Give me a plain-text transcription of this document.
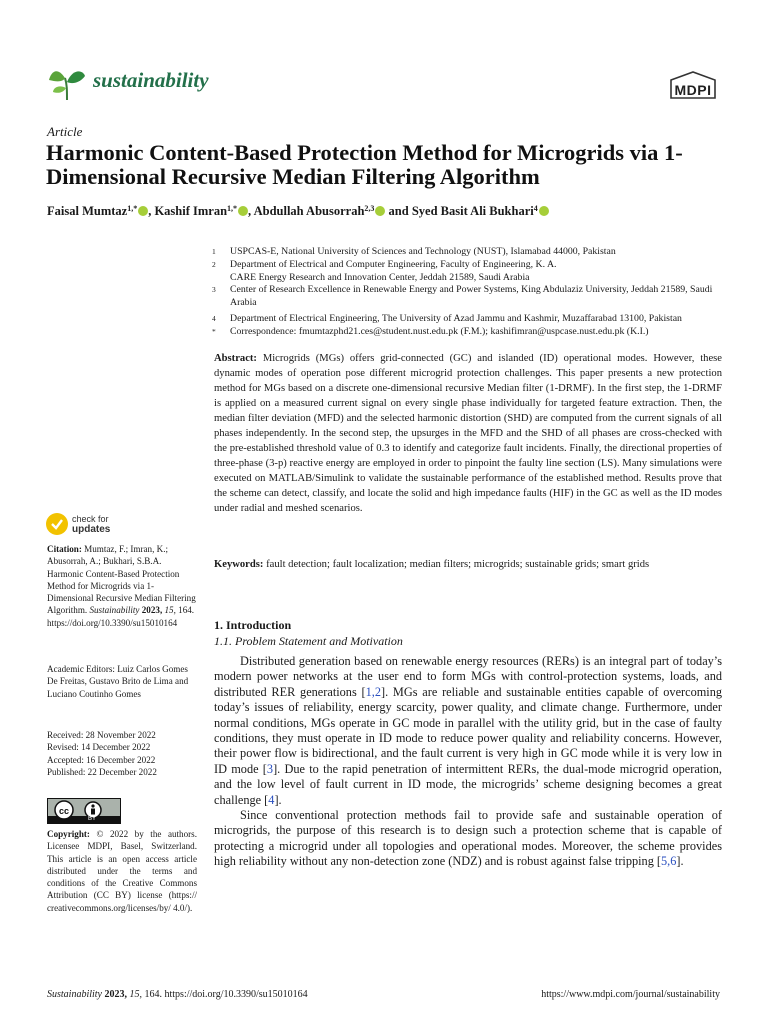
sustainability	MDPI
Article
Harmonic Content-Based Protection Method for Microgrids via 1-Dimensional Recursive Median Filtering Algorithm
Faisal Mumtaz$^{1,*}$ , Kashif Imran$^{1,*}$ , Abdullah Abusorrah$^{2,3}$ and Syed Basit Ali Bukhari$^4$
1	USPCAS-E, National University of Sciences and Technology (NUST), Islamabad 44000, Pakistan
2	Department of Electrical and Computer Engineering, Faculty of Engineering, K. A. CARE Energy Research and Innovation Center, Jeddah 21589, Saudi Arabia
3	Center of Research Excellence in Renewable Energy and Power Systems, King Abdulaziz University, Jeddah 21589, Saudi Arabia
4	Department of Electrical Engineering, The University of Azad Jammu and Kashmir, Muzaffarabad 13100, Pakistan
*	Correspondence: fmumtazphd21.ces@student.nust.edu.pk (F.M.); kashifimran@uspcase.nust.edu.pk (K.I.)
Abstract: Microgrids (MGs) offers grid-connected (GC) and islanded (ID) operational modes. However, these dynamic modes of operation pose different microgrid protection challenges. This paper presents a new protection method for MGs based on a discrete one-dimensional recursive Median filter (1-DRMF). In the first step, the 1-DRMF is applied on a measured current signal on every single phase individually for targeted feature extraction. Then, the median filter deviation (MFD) and the selected harmonic distortion (SHD) are computed from the current signals of all phases independently. In the second step, the upsurges in the MFD and the SHD of all phases are cross-checked with the pre-established threshold value of 0.3 to identify and categorize fault incidents. Finally, the directional properties of three-phase (3-p) reactive energy are employed in order to pinpoint the faulty line section (LS). Many simulations were executed on MATLAB/Simulink to validate the sustainable performance of the established method. Results prove that the scheme can detect, classify, and locate the solid and high impedance faults (HIF) in the GC as well as the ID modes under radial and meshed scenarios.
Keywords: fault detection; fault localization; median filters; microgrids; sustainable grids; smart grids
1. Introduction
1.1. Problem Statement and Motivation

Distributed generation based on renewable energy resources (RERs) is an integral part of today’s modern power networks at the user end to form MGs with control-protection systems, loads, and distributed RER generations [1,2]. MGs are reliable and sustainable entities capable of overcoming today’s issues of reliability, energy scarcity, power quality, and climate change. Furthermore, under normal conditions, MGs operate in GC mode in parallel with the utility grid, but in the case of faulty conditions, they must operate in ID mode to reduce power quality and reliability concerns. However, their power flow is bidirectional, and the fault current is very high in GC mode while it is very low in ID mode [3]. Due to the rapid penetration of intermittent RERs, the dual-mode microgrid operation, and the low level of fault current in ID mode, the microgrids’ scheme designing becomes a great challenge [4].

Since conventional protection methods fail to provide safe and sustainable operation of microgrids, the purpose of this research is to design such a protection scheme that is capable of protecting a microgrid under all topologies and operational modes. Moreover, the scheme provides high reliability without any non-detection zone (NDZ) and is robust against false tripping [5,6].

check for
updates
Citation: Mumtaz, F.; Imran, K.; Abusorrah, A.; Bukhari, S.B.A. Harmonic Content-Based Protection Method for Microgrids via 1-Dimensional Recursive Median Filtering Algorithm. Sustainability 2023, 15, 164. https://doi.org/10.3390/su15010164
Academic Editors: Luiz Carlos Gomes De Freitas, Gustavo Brito de Lima and Luciano Coutinho Gomes
Received: 28 November 2022
Revised: 14 December 2022
Accepted: 16 December 2022
Published: 22 December 2022
cc
BY
Copyright: © 2022 by the authors. Licensee MDPI, Basel, Switzerland. This article is an open access article distributed under the terms and conditions of the Creative Commons Attribution (CC BY) license (https:// creativecommons.org/licenses/by/ 4.0/).
Sustainability 2023, 15, 164. https://doi.org/10.3390/su15010164	https://www.mdpi.com/journal/sustainability
